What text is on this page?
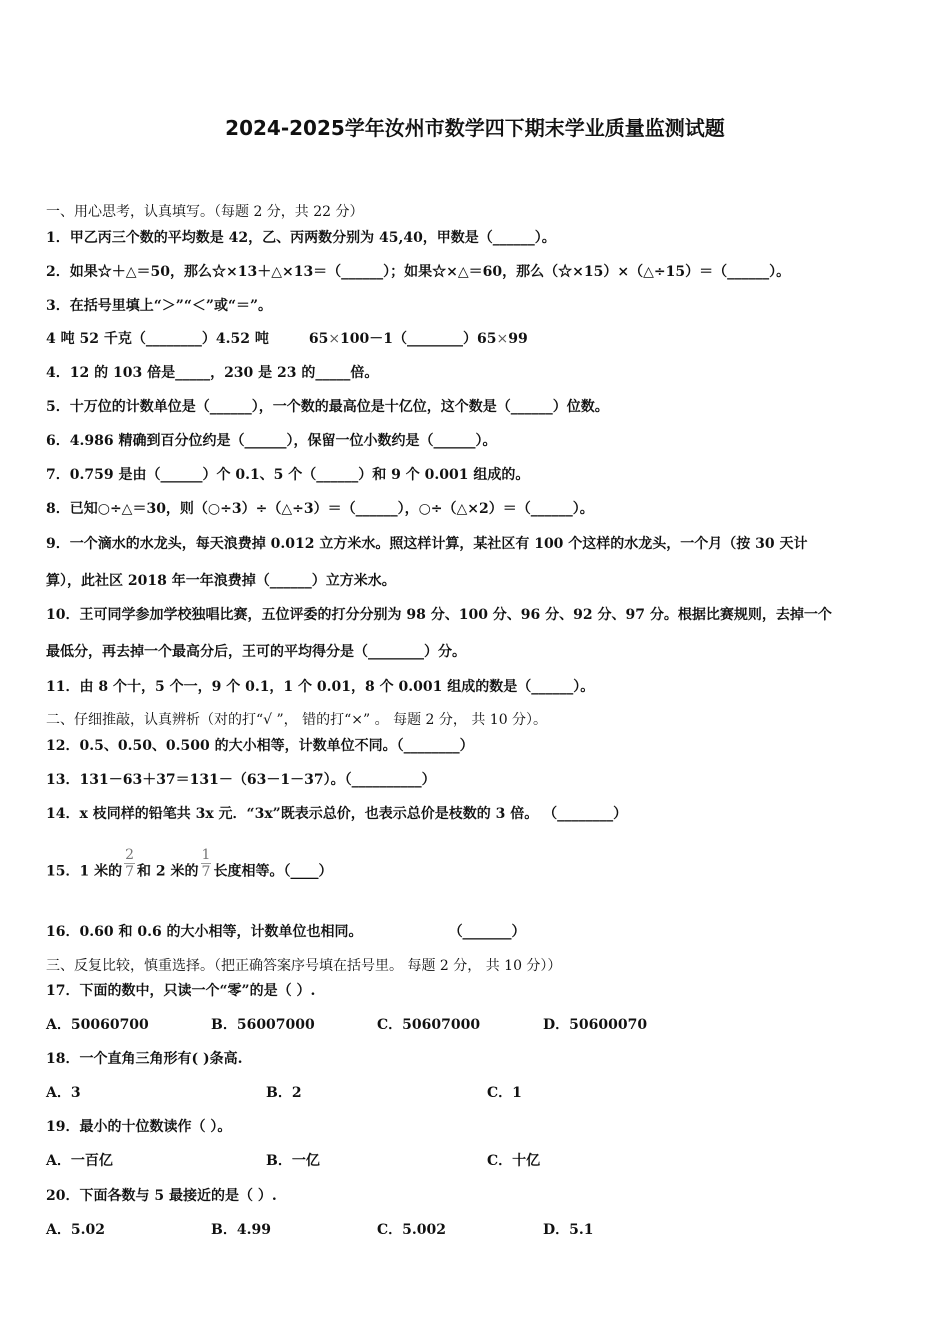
2024-2025学年汝州市数学四下期末学业质量监测试题
一、用心思考，认真填写。（每题 2 分，共 22 分）
1．甲乙丙三个数的平均数是 42，乙、丙两数分别为 45,40，甲数是（______）。
2．如果☆＋△＝50，那么☆×13＋△×13＝（______）；如果☆×△＝60，那么（☆×15）×（△÷15）＝（______）。
3．在括号里填上“＞”“＜”或“＝”。
4 吨 52 千克（________）4.52 吨	65×100－1（________）65×99
4．12 的 103 倍是_____，230 是 23 的_____倍。
5．十万位的计数单位是（______），一个数的最高位是十亿位，这个数是（______）位数。
6．4.986 精确到百分位约是（______），保留一位小数约是（______）。
7．0.759 是由（______）个 0.1、5 个（______）和 9 个 0.001 组成的。
8．已知○÷△＝30，则（○÷3）÷（△÷3）＝（______），○÷（△×2）＝（______）。
9．一个滴水的水龙头，每天浪费掉 0.012 立方米水。照这样计算，某社区有 100 个这样的水龙头，一个月（按 30 天计
算），此社区 2018 年一年浪费掉（______）立方米水。
10．王可同学参加学校独唱比赛，五位评委的打分分别为 98 分、100 分、96 分、92 分、97 分。根据比赛规则，去掉一个
最低分，再去掉一个最高分后，王可的平均得分是（________）分。
11．由 8 个十，5 个一，9 个 0.1，1 个 0.01，8 个 0.001 组成的数是（______）。
二、仔细推敲，认真辨析（对的打“√ ”， 错的打“×” 。 每题 2 分， 共 10 分）。
12．0.5、0.50、0.500 的大小相等，计数单位不同。（________）
13．131－63＋37＝131－（63－1－37）。（__________）
14．x 枝同样的铅笔共 3x 元．“3x”既表示总价，也表示总价是枝数的 3 倍。 （________）
15．1 米的 $\frac{2}{7}$ 和 2 米的 $\frac{1}{7}$ 长度相等。（____）
16．0.60 和 0.6 的大小相等，计数单位也相同。	（_______）
三、反复比较，慎重选择。（把正确答案序号填在括号里。 每题 2 分， 共 10 分））
17．下面的数中，只读一个“零”的是（ ）.
A．50060700	B．56007000	C．50607000	D．50600070
18．一个直角三角形有( )条高.
A．3	B．2	C．1
19．最小的十位数读作（ ）。
A．一百亿	B．一亿	C．十亿
20．下面各数与 5 最接近的是（ ）.
A．5.02	B．4.99	C．5.002	D．5.1
